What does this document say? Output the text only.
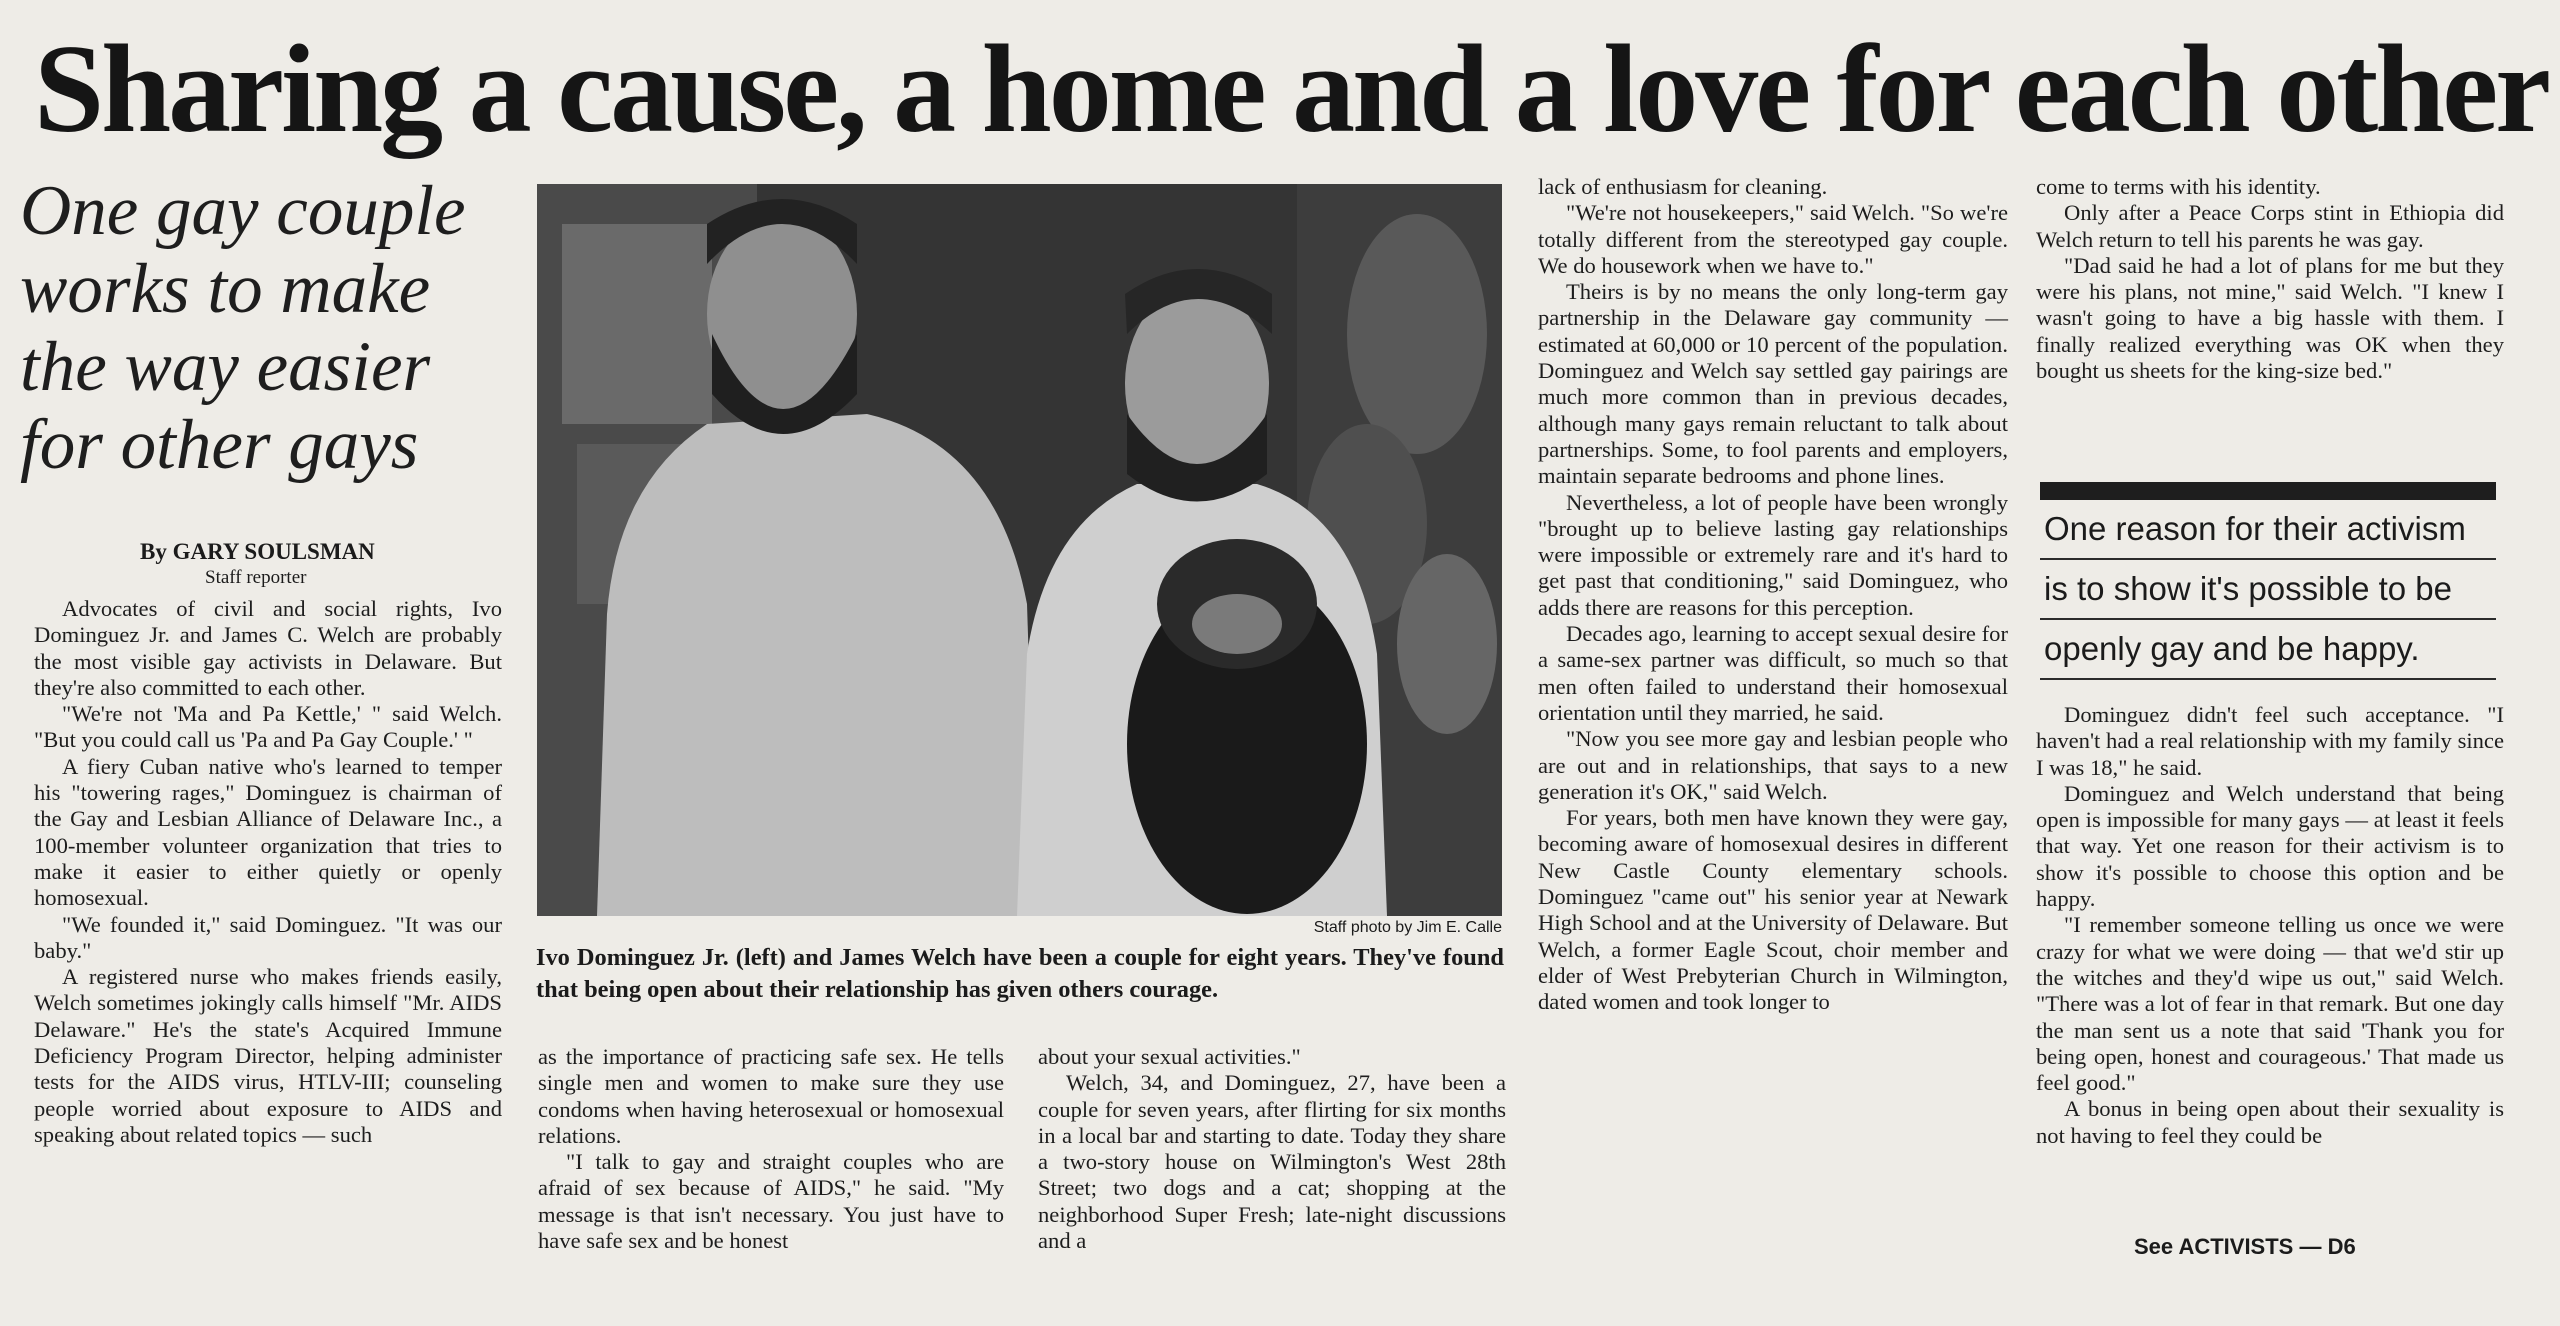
Sharing a cause, a home and a love for each other
One gay couple works to make the way easier for other gays
By GARY SOULSMAN
Staff reporter

Advocates of civil and social rights, Ivo Dominguez Jr. and James C. Welch are probably the most visible gay activists in Delaware. But they're also committed to each other.

"We're not 'Ma and Pa Kettle,' " said Welch. "But you could call us 'Pa and Pa Gay Couple.' "

A fiery Cuban native who's learned to temper his "towering rages," Dominguez is chairman of the Gay and Lesbian Alliance of Delaware Inc., a 100-member volunteer organization that tries to make it easier to either quietly or openly homosexual.

"We founded it," said Dominguez. "It was our baby."

A registered nurse who makes friends easily, Welch sometimes jokingly calls himself "Mr. AIDS Delaware." He's the state's Acquired Immune Deficiency Program Director, helping administer tests for the AIDS virus, HTLV-III; counseling people worried about exposure to AIDS and speaking about related topics — such

Staff photo by Jim E. Calle
Ivo Dominguez Jr. (left) and James Welch have been a couple for eight years. They've found that being open about their relationship has given others courage.

as the importance of practicing safe sex. He tells single men and women to make sure they use condoms when having heterosexual or homosexual relations.

"I talk to gay and straight couples who are afraid of sex because of AIDS," he said. "My message is that isn't necessary. You just have to have safe sex and be honest

about your sexual activities."

Welch, 34, and Dominguez, 27, have been a couple for seven years, after flirting for six months in a local bar and starting to date. Today they share a two-story house on Wilmington's West 28th Street; two dogs and a cat; shopping at the neighborhood Super Fresh; late-night discussions and a

lack of enthusiasm for cleaning.

"We're not housekeepers," said Welch. "So we're totally different from the stereotyped gay couple. We do housework when we have to."

Theirs is by no means the only long-term gay partnership in the Delaware gay community — estimated at 60,000 or 10 percent of the population. Dominguez and Welch say settled gay pairings are much more common than in previous decades, although many gays remain reluctant to talk about partnerships. Some, to fool parents and employers, maintain separate bedrooms and phone lines.

Nevertheless, a lot of people have been wrongly "brought up to believe lasting gay relationships were impossible or extremely rare and it's hard to get past that conditioning," said Dominguez, who adds there are reasons for this perception.

Decades ago, learning to accept sexual desire for a same-sex partner was difficult, so much so that men often failed to understand their homosexual orientation until they married, he said.

"Now you see more gay and lesbian people who are out and in relationships, that says to a new generation it's OK," said Welch.

For years, both men have known they were gay, becoming aware of homosexual desires in different New Castle County elementary schools. Dominguez "came out" his senior year at Newark High School and at the University of Delaware. But Welch, a former Eagle Scout, choir member and elder of West Prebyterian Church in Wilmington, dated women and took longer to

come to terms with his identity.

Only after a Peace Corps stint in Ethiopia did Welch return to tell his parents he was gay.

"Dad said he had a lot of plans for me but they were his plans, not mine," said Welch. "I knew I wasn't going to have a big hassle with them. I finally realized everything was OK when they bought us sheets for the king-size bed."

One reason for their activism
is to show it's possible to be
openly gay and be happy.

Dominguez didn't feel such acceptance. "I haven't had a real relationship with my family since I was 18," he said.

Dominguez and Welch understand that being open is impossible for many gays — at least it feels that way. Yet one reason for their activism is to show it's possible to choose this option and be happy.

"I remember someone telling us once we were crazy for what we were doing — that we'd stir up the witches and they'd wipe us out," said Welch. "There was a lot of fear in that remark. But one day the man sent us a note that said 'Thank you for being open, honest and courageous.' That made us feel good."

A bonus in being open about their sexuality is not having to feel they could be

See ACTIVISTS — D6
